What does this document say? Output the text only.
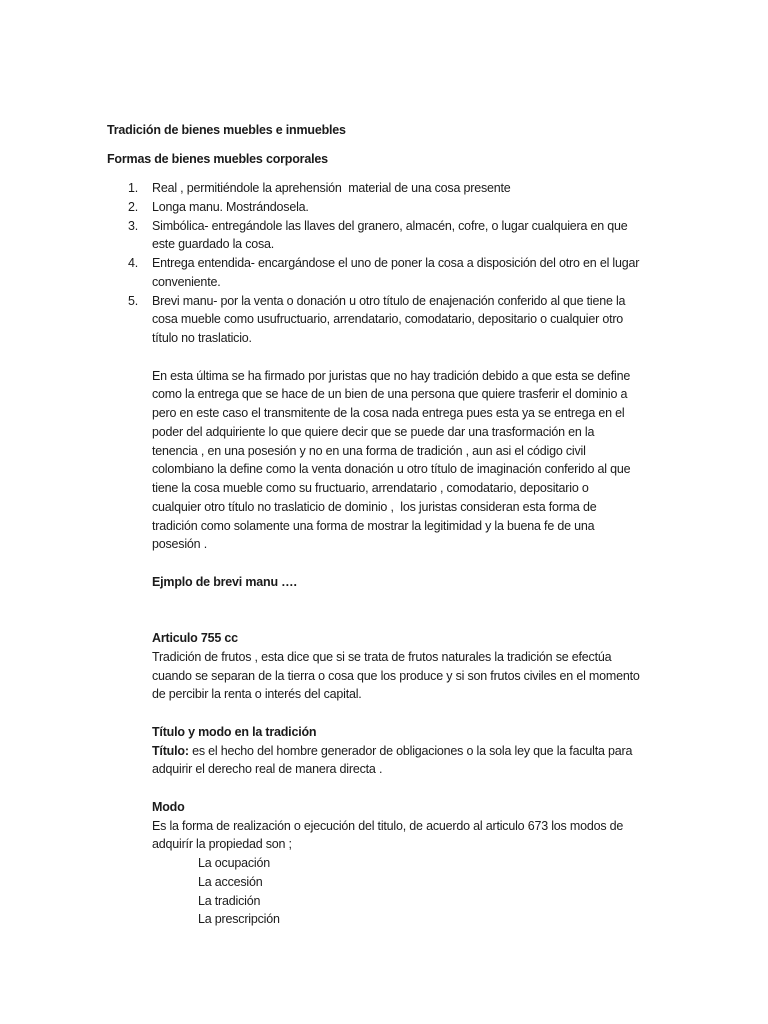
Tradición de bienes muebles e inmuebles
Formas de bienes muebles corporales
1. Real , permitiéndole la aprehensión  material de una cosa presente
2. Longa manu. Mostrándosela.
3. Simbólica- entregándole las llaves del granero, almacén, cofre, o lugar cualquiera en que
este guardado la cosa.
4. Entrega entendida- encargándose el uno de poner la cosa a disposición del otro en el lugar
conveniente.
5. Brevi manu- por la venta o donación u otro título de enajenación conferido al que tiene la
cosa mueble como usufructuario, arrendatario, comodatario, depositario o cualquier otro
título no traslaticio.
En esta última se ha firmado por juristas que no hay tradición debido a que esta se define
como la entrega que se hace de un bien de una persona que quiere trasferir el dominio a
pero en este caso el transmitente de la cosa nada entrega pues esta ya se entrega en el
poder del adquiriente lo que quiere decir que se puede dar una trasformación en la
tenencia , en una posesión y no en una forma de tradición , aun asi el código civil
colombiano la define como la venta donación u otro título de imaginación conferido al que
tiene la cosa mueble como su fructuario, arrendatario , comodatario, depositario o
cualquier otro título no traslaticio de dominio ,  los juristas consideran esta forma de
tradición como solamente una forma de mostrar la legitimidad y la buena fe de una
posesión .
Ejmplo de brevi manu ….
Articulo 755 cc
Tradición de frutos , esta dice que si se trata de frutos naturales la tradición se efectúa
cuando se separan de la tierra o cosa que los produce y si son frutos civiles en el momento
de percibir la renta o interés del capital.
Título y modo en la tradición
Título: es el hecho del hombre generador de obligaciones o la sola ley que la faculta para
adquirir el derecho real de manera directa .
Modo
Es la forma de realización o ejecución del titulo, de acuerdo al articulo 673 los modos de
adquirír la propiedad son ;
La ocupación
La accesión
La tradición
La prescripción
